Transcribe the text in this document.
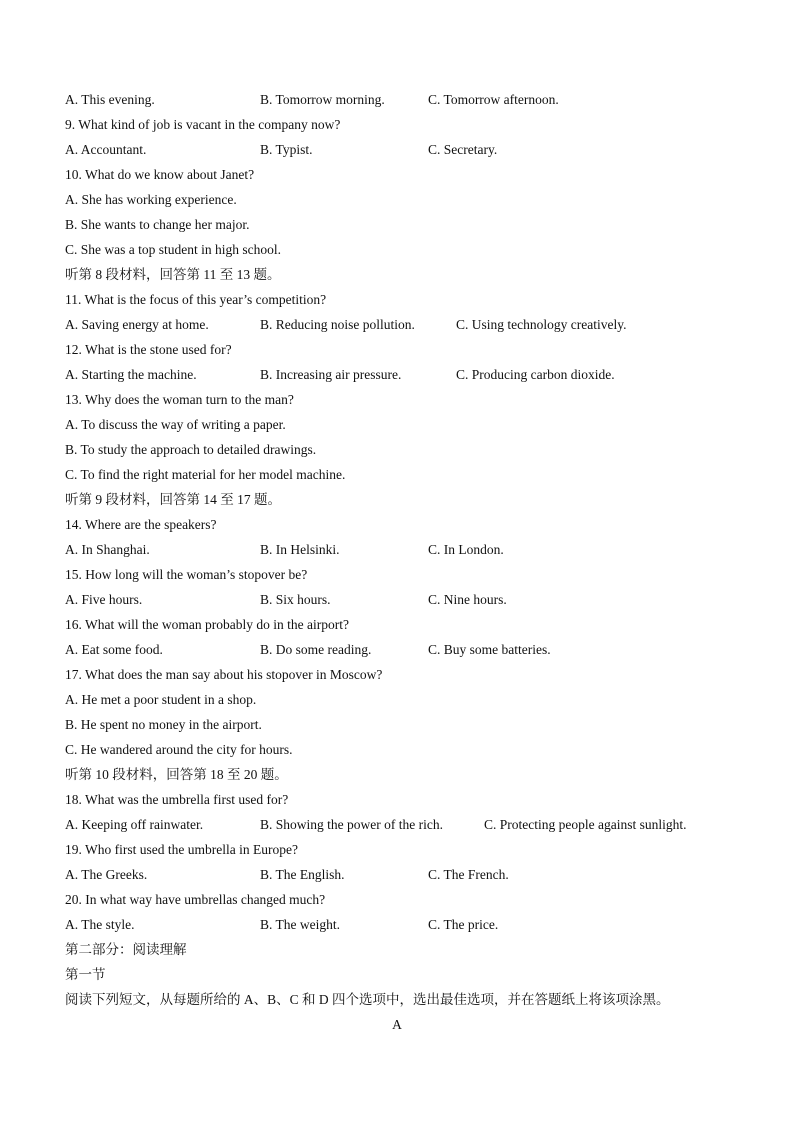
A. This evening.	B. Tomorrow morning.	C. Tomorrow afternoon.
9. What kind of job is vacant in the company now?
A. Accountant.	B. Typist.	C. Secretary.
10. What do we know about Janet?
A. She has working experience.
B. She wants to change her major.
C. She was a top student in high school.
听第 8 段材料，回答第 11 至 13 题。
11. What is the focus of this year’s competition?
A. Saving energy at home.	B. Reducing noise pollution.	C. Using technology creatively.
12. What is the stone used for?
A. Starting the machine.	B. Increasing air pressure.	C. Producing carbon dioxide.
13. Why does the woman turn to the man?
A. To discuss the way of writing a paper.
B. To study the approach to detailed drawings.
C. To find the right material for her model machine.
听第 9 段材料，回答第 14 至 17 题。
14. Where are the speakers?
A. In Shanghai.	B. In Helsinki.	C. In London.
15. How long will the woman’s stopover be?
A. Five hours.	B. Six hours.	C. Nine hours.
16. What will the woman probably do in the airport?
A. Eat some food.	B. Do some reading.	C. Buy some batteries.
17. What does the man say about his stopover in Moscow?
A. He met a poor student in a shop.
B. He spent no money in the airport.
C. He wandered around the city for hours.
听第 10 段材料，回答第 18 至 20 题。
18. What was the umbrella first used for?
A. Keeping off rainwater.	B. Showing the power of the rich.	C. Protecting people against sunlight.
19. Who first used the umbrella in Europe?
A. The Greeks.	B. The English.	C. The French.
20. In what way have umbrellas changed much?
A. The style.	B. The weight.	C. The price.
第二部分：阅读理解
第一节
阅读下列短文，从每题所给的 A、B、C 和 D 四个选项中，选出最佳选项，并在答题纸上将该项涂黑。
A
